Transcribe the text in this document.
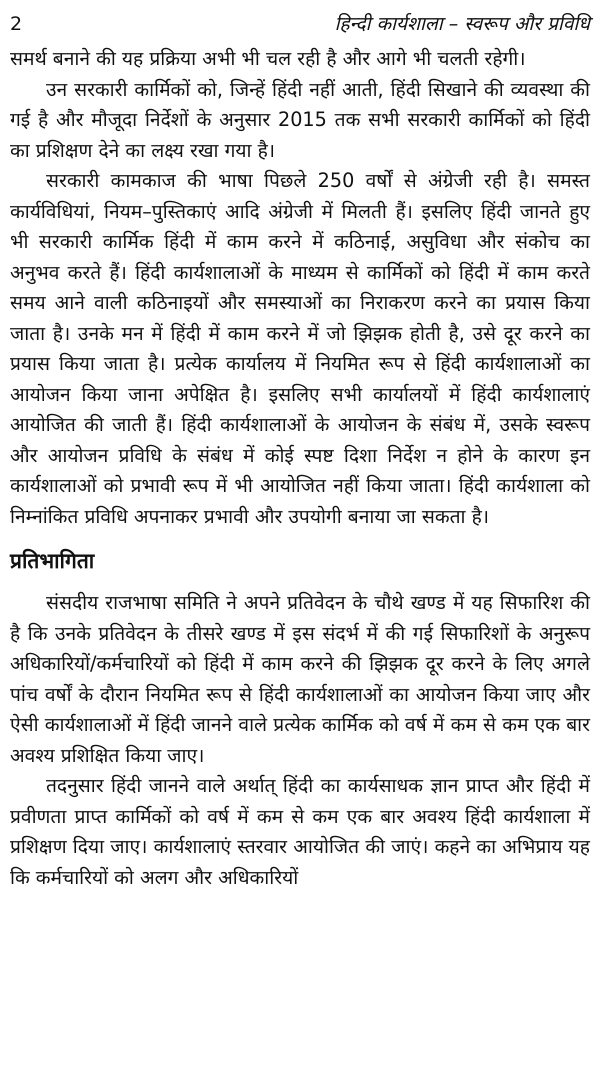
2	हिन्दी कार्यशाला – स्वरूप और प्रविधि

समर्थ बनाने की यह प्रक्रिया अभी भी चल रही है और आगे भी चलती रहेगी।

उन सरकारी कार्मिकों को, जिन्हें हिंदी नहीं आती, हिंदी सिखाने की व्यवस्था की गई है और मौजूदा निर्देशों के अनुसार 2015 तक सभी सरकारी कार्मिकों को हिंदी का प्रशिक्षण देने का लक्ष्य रखा गया है।

सरकारी कामकाज की भाषा पिछले 250 वर्षों से अंग्रेजी रही है। समस्त कार्यविधियां, नियम–पुस्तिकाएं आदि अंग्रेजी में मिलती हैं। इसलिए हिंदी जानते हुए भी सरकारी कार्मिक हिंदी में काम करने में कठिनाई, असुविधा और संकोच का अनुभव करते हैं। हिंदी कार्यशालाओं के माध्यम से कार्मिकों को हिंदी में काम करते समय आने वाली कठिनाइयों और समस्याओं का निराकरण करने का प्रयास किया जाता है। उनके मन में हिंदी में काम करने में जो झिझक होती है, उसे दूर करने का प्रयास किया जाता है। प्रत्येक कार्यालय में नियमित रूप से हिंदी कार्यशालाओं का आयोजन किया जाना अपेक्षित है। इसलिए सभी कार्यालयों में हिंदी कार्यशालाएं आयोजित की जाती हैं। हिंदी कार्यशालाओं के आयोजन के संबंध में, उसके स्वरूप और आयोजन प्रविधि के संबंध में कोई स्पष्ट दिशा निर्देश न होने के कारण इन कार्यशालाओं को प्रभावी रूप में भी आयोजित नहीं किया जाता। हिंदी कार्यशाला को निम्नांकित प्रविधि अपनाकर प्रभावी और उपयोगी बनाया जा सकता है।

प्रतिभागिता

संसदीय राजभाषा समिति ने अपने प्रतिवेदन के चौथे खण्ड में यह सिफारिश की है कि उनके प्रतिवेदन के तीसरे खण्ड में इस संदर्भ में की गई सिफारिशों के अनुरूप अधिकारियों/कर्मचारियों को हिंदी में काम करने की झिझक दूर करने के लिए अगले पांच वर्षों के दौरान नियमित रूप से हिंदी कार्यशालाओं का आयोजन किया जाए और ऐसी कार्यशालाओं में हिंदी जानने वाले प्रत्येक कार्मिक को वर्ष में कम से कम एक बार अवश्य प्रशिक्षित किया जाए।

तदनुसार हिंदी जानने वाले अर्थात् हिंदी का कार्यसाधक ज्ञान प्राप्त और हिंदी में प्रवीणता प्राप्त कार्मिकों को वर्ष में कम से कम एक बार अवश्य हिंदी कार्यशाला में प्रशिक्षण दिया जाए। कार्यशालाएं स्तरवार आयोजित की जाएं। कहने का अभिप्राय यह कि कर्मचारियों को अलग और अधिकारियों
